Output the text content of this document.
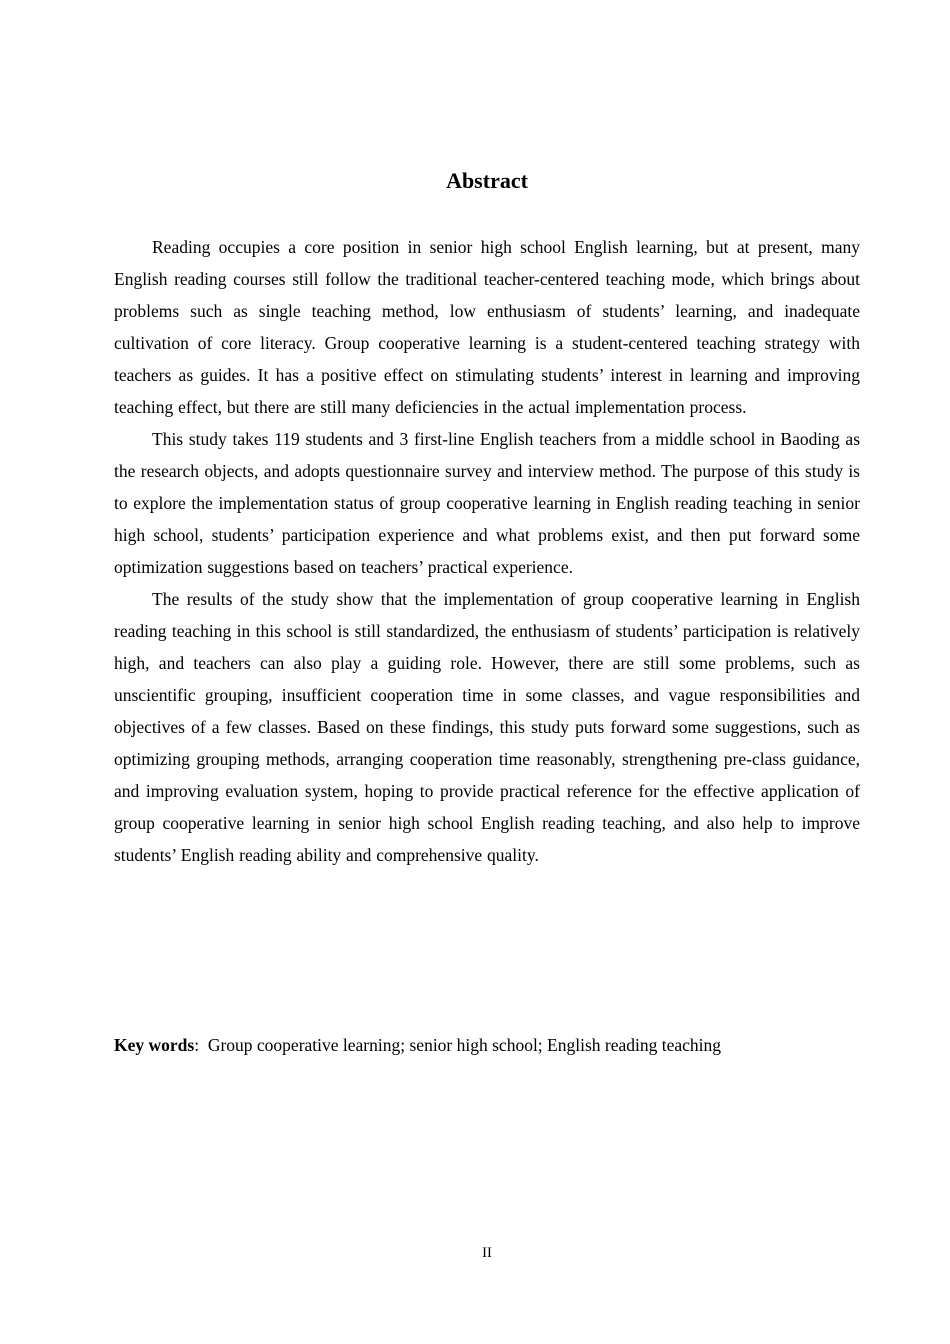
Abstract

Reading occupies a core position in senior high school English learning, but at present, many English reading courses still follow the traditional teacher-centered teaching mode, which brings about problems such as single teaching method, low enthusiasm of students’ learning, and inadequate cultivation of core literacy. Group cooperative learning is a student-centered teaching strategy with teachers as guides. It has a positive effect on stimulating students’ interest in learning and improving teaching effect, but there are still many deficiencies in the actual implementation process.

This study takes 119 students and 3 first-line English teachers from a middle school in Baoding as the research objects, and adopts questionnaire survey and interview method. The purpose of this study is to explore the implementation status of group cooperative learning in English reading teaching in senior high school, students’ participation experience and what problems exist, and then put forward some optimization suggestions based on teachers’ practical experience.

The results of the study show that the implementation of group cooperative learning in English reading teaching in this school is still standardized, the enthusiasm of students’ participation is relatively high, and teachers can also play a guiding role. However, there are still some problems, such as unscientific grouping, insufficient cooperation time in some classes, and vague responsibilities and objectives of a few classes. Based on these findings, this study puts forward some suggestions, such as optimizing grouping methods, arranging cooperation time reasonably, strengthening pre-class guidance, and improving evaluation system, hoping to provide practical reference for the effective application of group cooperative learning in senior high school English reading teaching, and also help to improve students’ English reading ability and comprehensive quality.

Key words: Group cooperative learning; senior high school; English reading teaching

II
